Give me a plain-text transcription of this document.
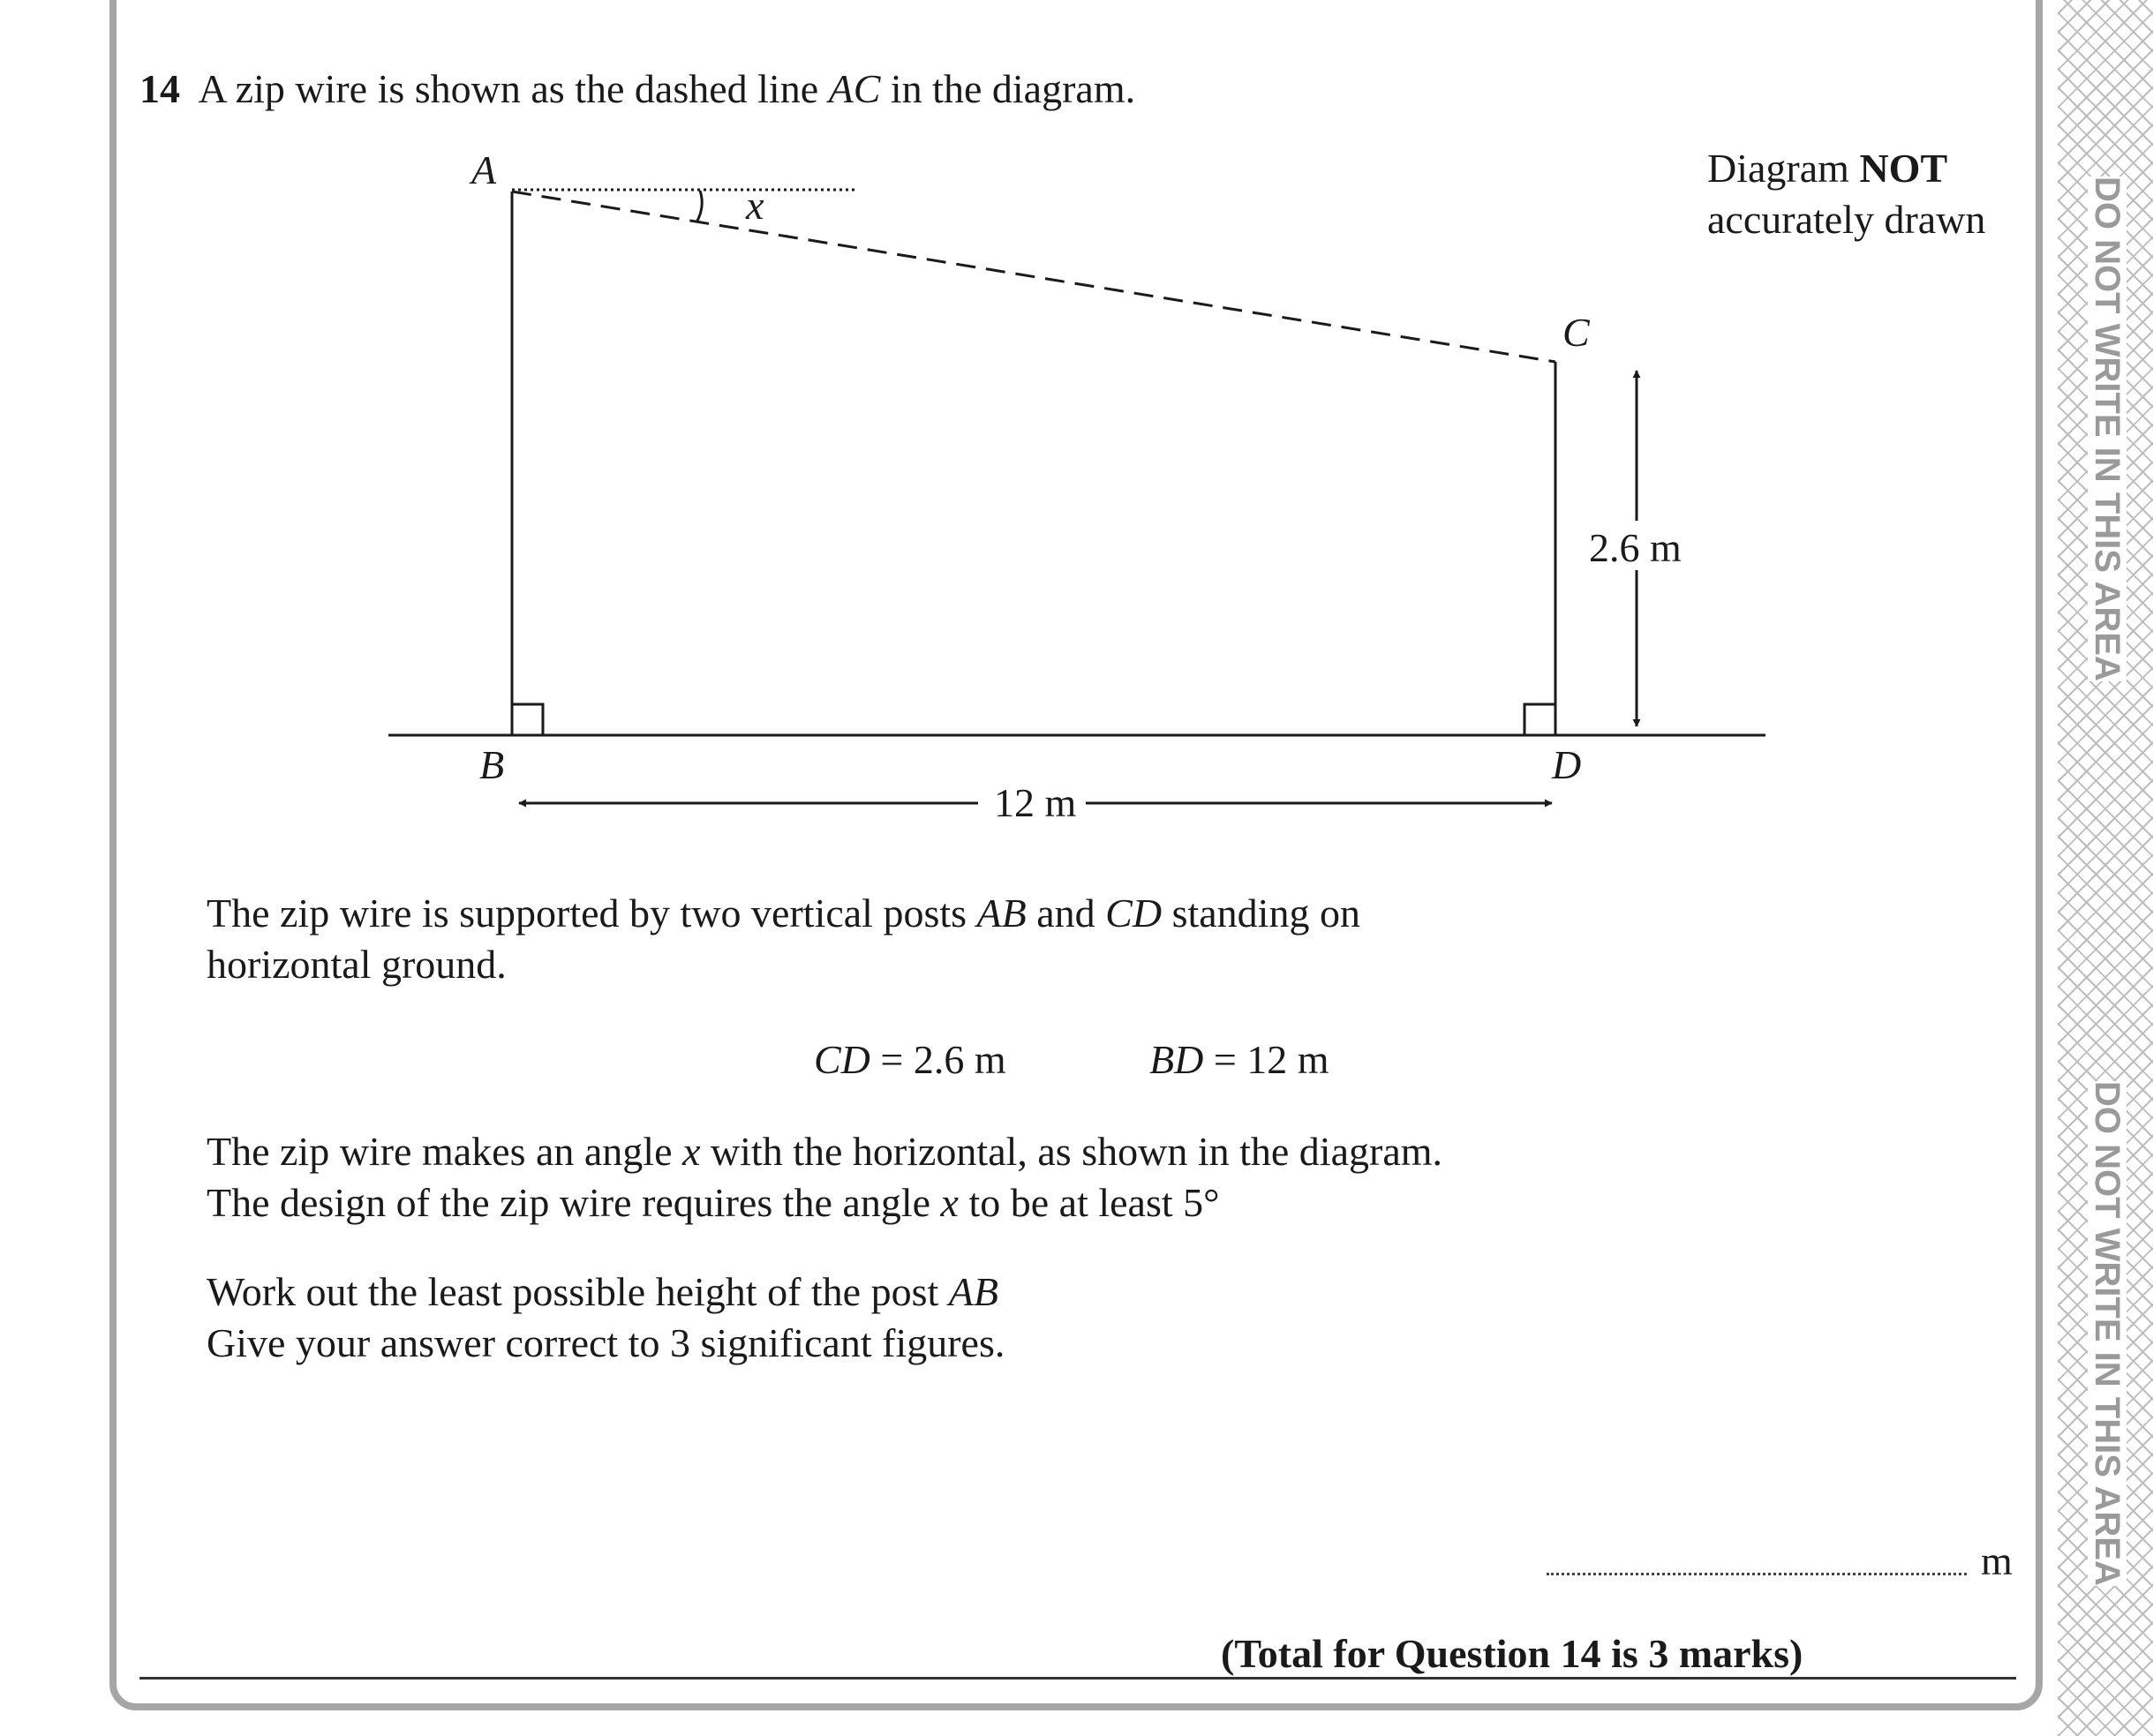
DO NOT WRITE IN THIS AREA
DO NOT WRITE IN THIS AREA
14 A zip wire is shown as the dashed line AC in the diagram.
Diagram NOT
accurately drawn
A
B
C
D
x
2.6 m
12 m
The zip wire is supported by two vertical posts AB and CD standing on
horizontal ground.
CD = 2.6 m	BD = 12 m
The zip wire makes an angle x with the horizontal, as shown in the diagram.
The design of the zip wire requires the angle x to be at least 5°
Work out the least possible height of the post AB
Give your answer correct to 3 significant figures.
m
(Total for Question 14 is 3 marks)
